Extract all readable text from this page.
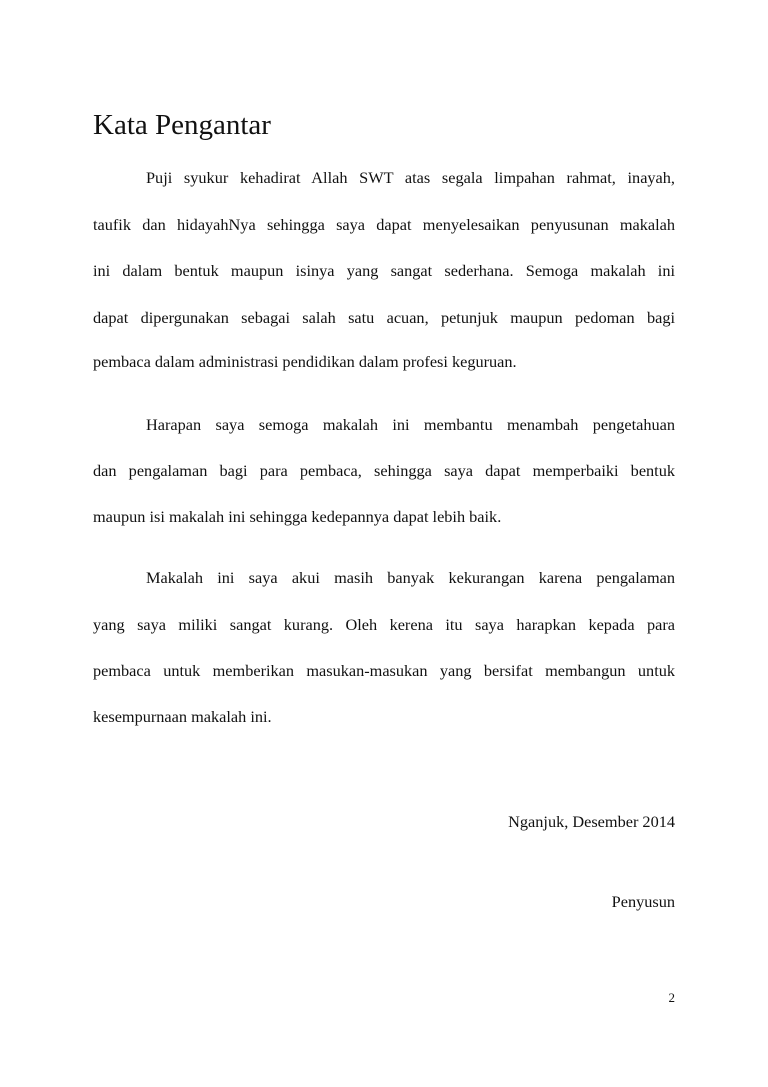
Kata Pengantar
Puji syukur kehadirat Allah SWT atas segala limpahan rahmat, inayah,
taufik dan hidayahNya sehingga saya dapat menyelesaikan penyusunan makalah
ini dalam bentuk maupun isinya yang sangat sederhana. Semoga makalah ini
dapat dipergunakan sebagai salah satu acuan, petunjuk maupun pedoman bagi
pembaca dalam administrasi pendidikan dalam profesi keguruan.
Harapan saya semoga makalah ini membantu menambah pengetahuan
dan pengalaman bagi para pembaca, sehingga saya dapat memperbaiki bentuk
maupun isi makalah ini sehingga kedepannya dapat lebih baik.
Makalah ini saya akui masih banyak kekurangan karena pengalaman
yang saya miliki sangat kurang. Oleh kerena itu saya harapkan kepada para
pembaca untuk memberikan masukan-masukan yang bersifat membangun untuk
kesempurnaan makalah ini.
Nganjuk, Desember 2014
Penyusun
2
